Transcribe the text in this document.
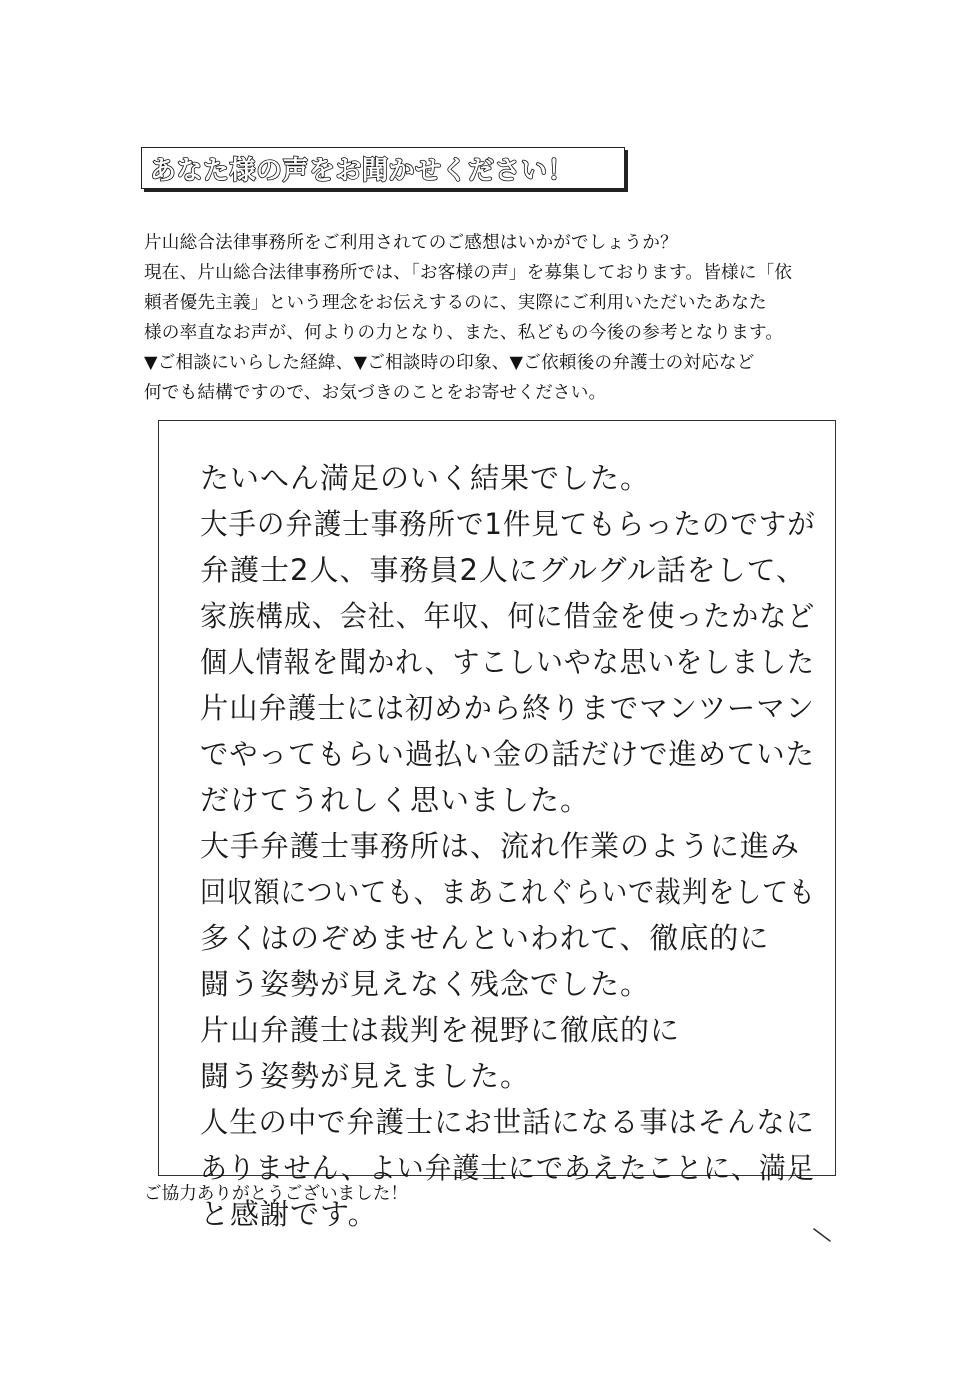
あなた様の声をお聞かせください！
片山総合法律事務所をご利用されてのご感想はいかがでしょうか？
現在、片山総合法律事務所では、「お客様の声」を募集しております。皆様に「依
頼者優先主義」という理念をお伝えするのに、実際にご利用いただいたあなた
様の率直なお声が、何よりの力となり、また、私どもの今後の参考となります。
▼ご相談にいらした経緯、▼ご相談時の印象、▼ご依頼後の弁護士の対応など
何でも結構ですので、お気づきのことをお寄せください。
たいへん満足のいく結果でした。
大手の弁護士事務所で1件見てもらったのですが
弁護士2人、事務員2人にグルグル話をして、
家族構成、会社、年収、何に借金を使ったかなど
個人情報を聞かれ、すこしいやな思いをしました
片山弁護士には初めから終りまでマンツーマン
でやってもらい過払い金の話だけで進めていた
だけてうれしく思いました。
大手弁護士事務所は、流れ作業のように進み
回収額についても、まあこれぐらいで裁判をしても
多くはのぞめませんといわれて、徹底的に
闘う姿勢が見えなく残念でした。
片山弁護士は裁判を視野に徹底的に
闘う姿勢が見えました。
人生の中で弁護士にお世話になる事はそんなに
ありません、よい弁護士にであえたことに、満足
と感謝です。
ご協力ありがとうございました！
